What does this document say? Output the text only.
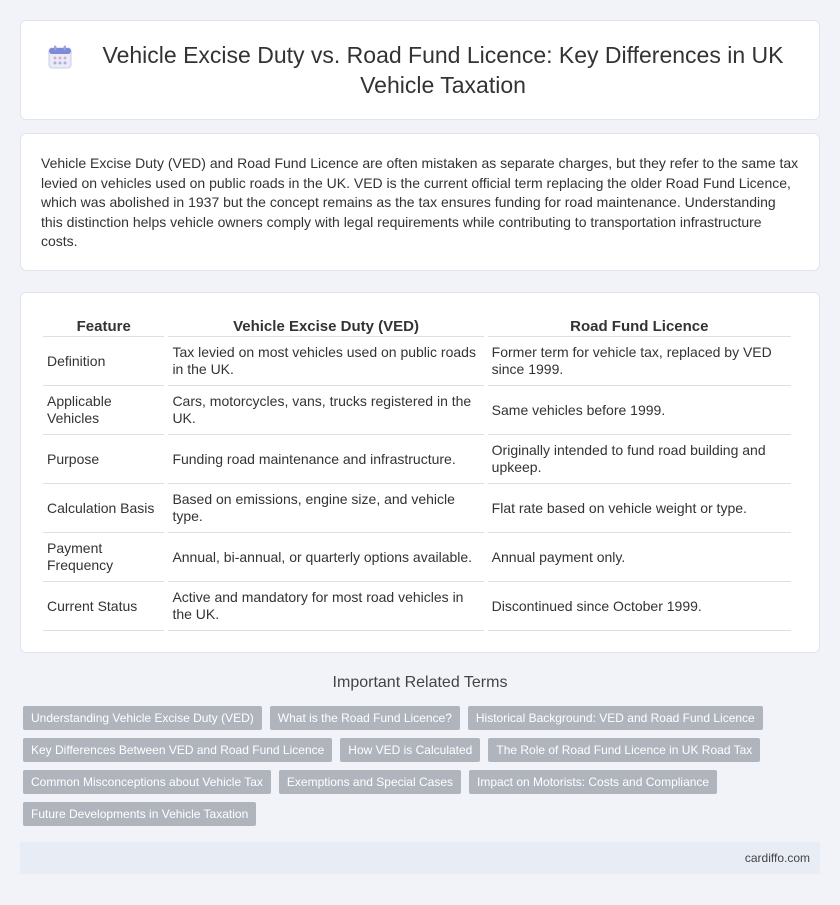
Vehicle Excise Duty vs. Road Fund Licence: Key Differences in UK Vehicle Taxation

Vehicle Excise Duty (VED) and Road Fund Licence are often mistaken as separate charges, but they refer to the same tax levied on vehicles used on public roads in the UK. VED is the current official term replacing the older Road Fund Licence, which was abolished in 1937 but the concept remains as the tax ensures funding for road maintenance. Understanding this distinction helps vehicle owners comply with legal requirements while contributing to transportation infrastructure costs.

Feature	Vehicle Excise Duty (VED)	Road Fund Licence
Definition	Tax levied on most vehicles used on public roads in the UK.	Former term for vehicle tax, replaced by VED since 1999.
Applicable Vehicles	Cars, motorcycles, vans, trucks registered in the UK.	Same vehicles before 1999.
Purpose	Funding road maintenance and infrastructure.	Originally intended to fund road building and upkeep.
Calculation Basis	Based on emissions, engine size, and vehicle type.	Flat rate based on vehicle weight or type.
Payment Frequency	Annual, bi-annual, or quarterly options available.	Annual payment only.
Current Status	Active and mandatory for most road vehicles in the UK.	Discontinued since October 1999.
Important Related Terms
Understanding Vehicle Excise Duty (VED)	What is the Road Fund Licence?	Historical Background: VED and Road Fund Licence
Key Differences Between VED and Road Fund Licence	How VED is Calculated	The Role of Road Fund Licence in UK Road Tax
Common Misconceptions about Vehicle Tax	Exemptions and Special Cases	Impact on Motorists: Costs and Compliance
Future Developments in Vehicle Taxation
cardiffo.com
